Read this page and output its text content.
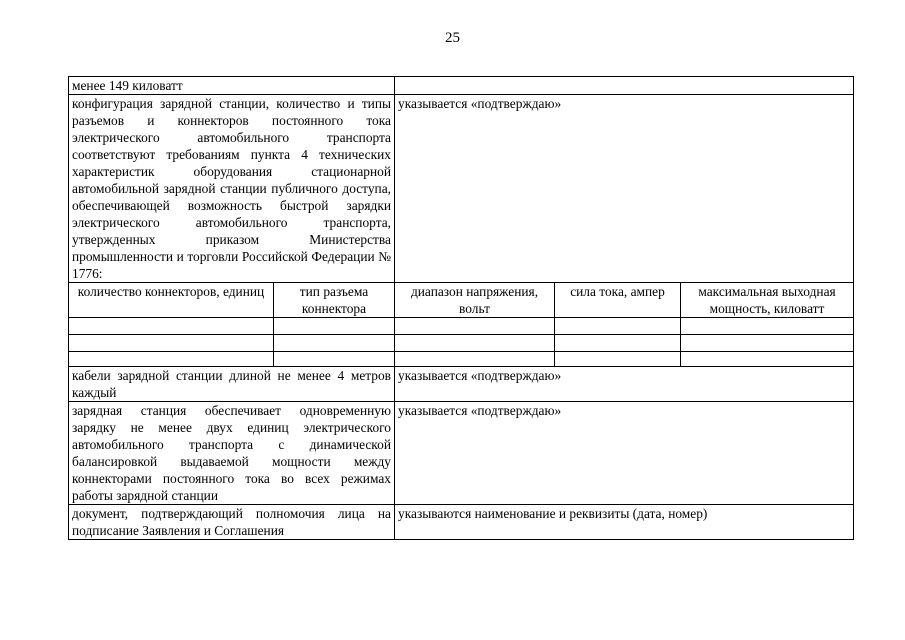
25
менее 149 киловатт				
конфигурация зарядной станции, количество и типы разъемов и коннекторов постоянного тока электрического автомобильного транспорта соответствуют требованиям пункта 4 технических характеристик оборудования стационарной автомобильной зарядной станции публичного доступа, обеспечивающей возможность быстрой зарядки электрического автомобильного транспорта, утвержденных приказом Министерства промышленности и торговли Российской Федерации № 1776:		указывается «подтверждаю»		
количество коннекторов, единиц	тип разъема коннектора	диапазон напряжения, вольт	сила тока, ампер	максимальная выходная мощность, киловатт

кабели зарядной станции длиной не менее 4 метров каждый		указывается «подтверждаю»		
зарядная станция обеспечивает одновременную зарядку не менее двух единиц электрического автомобильного транспорта с динамической балансировкой выдаваемой мощности между коннекторами постоянного тока во всех режимах работы зарядной станции		указывается «подтверждаю»		
документ, подтверждающий полномочия лица на подписание Заявления и Соглашения		указываются наименование и реквизиты (дата, номер)		
